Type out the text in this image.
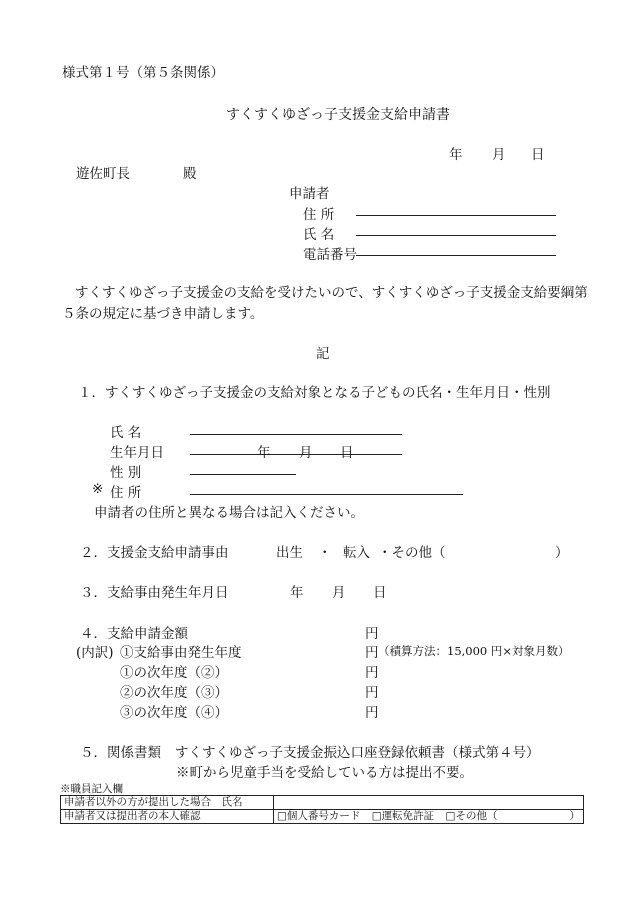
様式第１号（第５条関係）
すくすくゆざっ子支援金支給申請書
年 月 日
遊佐町長	殿
申請者
住 所
氏 名
電話番号
すくすくゆざっ子支援金の支給を受けたいので、すくすくゆざっ子支援金支給要綱第
５条の規定に基づき申請します。
記
１．すくすくゆざっ子支援金の支給対象となる子どもの氏名・生年月日・性別
氏 名
生年月日	年 月 日
性 別
※ 住 所
申請者の住所と異なる場合は記入ください。
２．支援金支給申請事由	出生 ・ 転入 ・その他（	）
３．支給事由発生年月日	年 月 日
４．支給申請金額	円
(内訳) ①支給事由発生年度	円 （積算方法：15,000 円×対象月数）
①の次年度（②）	円
②の次年度（③）	円
③の次年度（④）	円
５．関係書類 すくすくゆざっ子支援金振込口座登録依頼書（様式第４号）
※町から児童手当を受給している方は提出不要。
※職員記入欄
申請者以外の方が提出した場合　氏名	
申請者又は提出者の本人確認	□個人番号カード □運転免許証 □その他（ ）
